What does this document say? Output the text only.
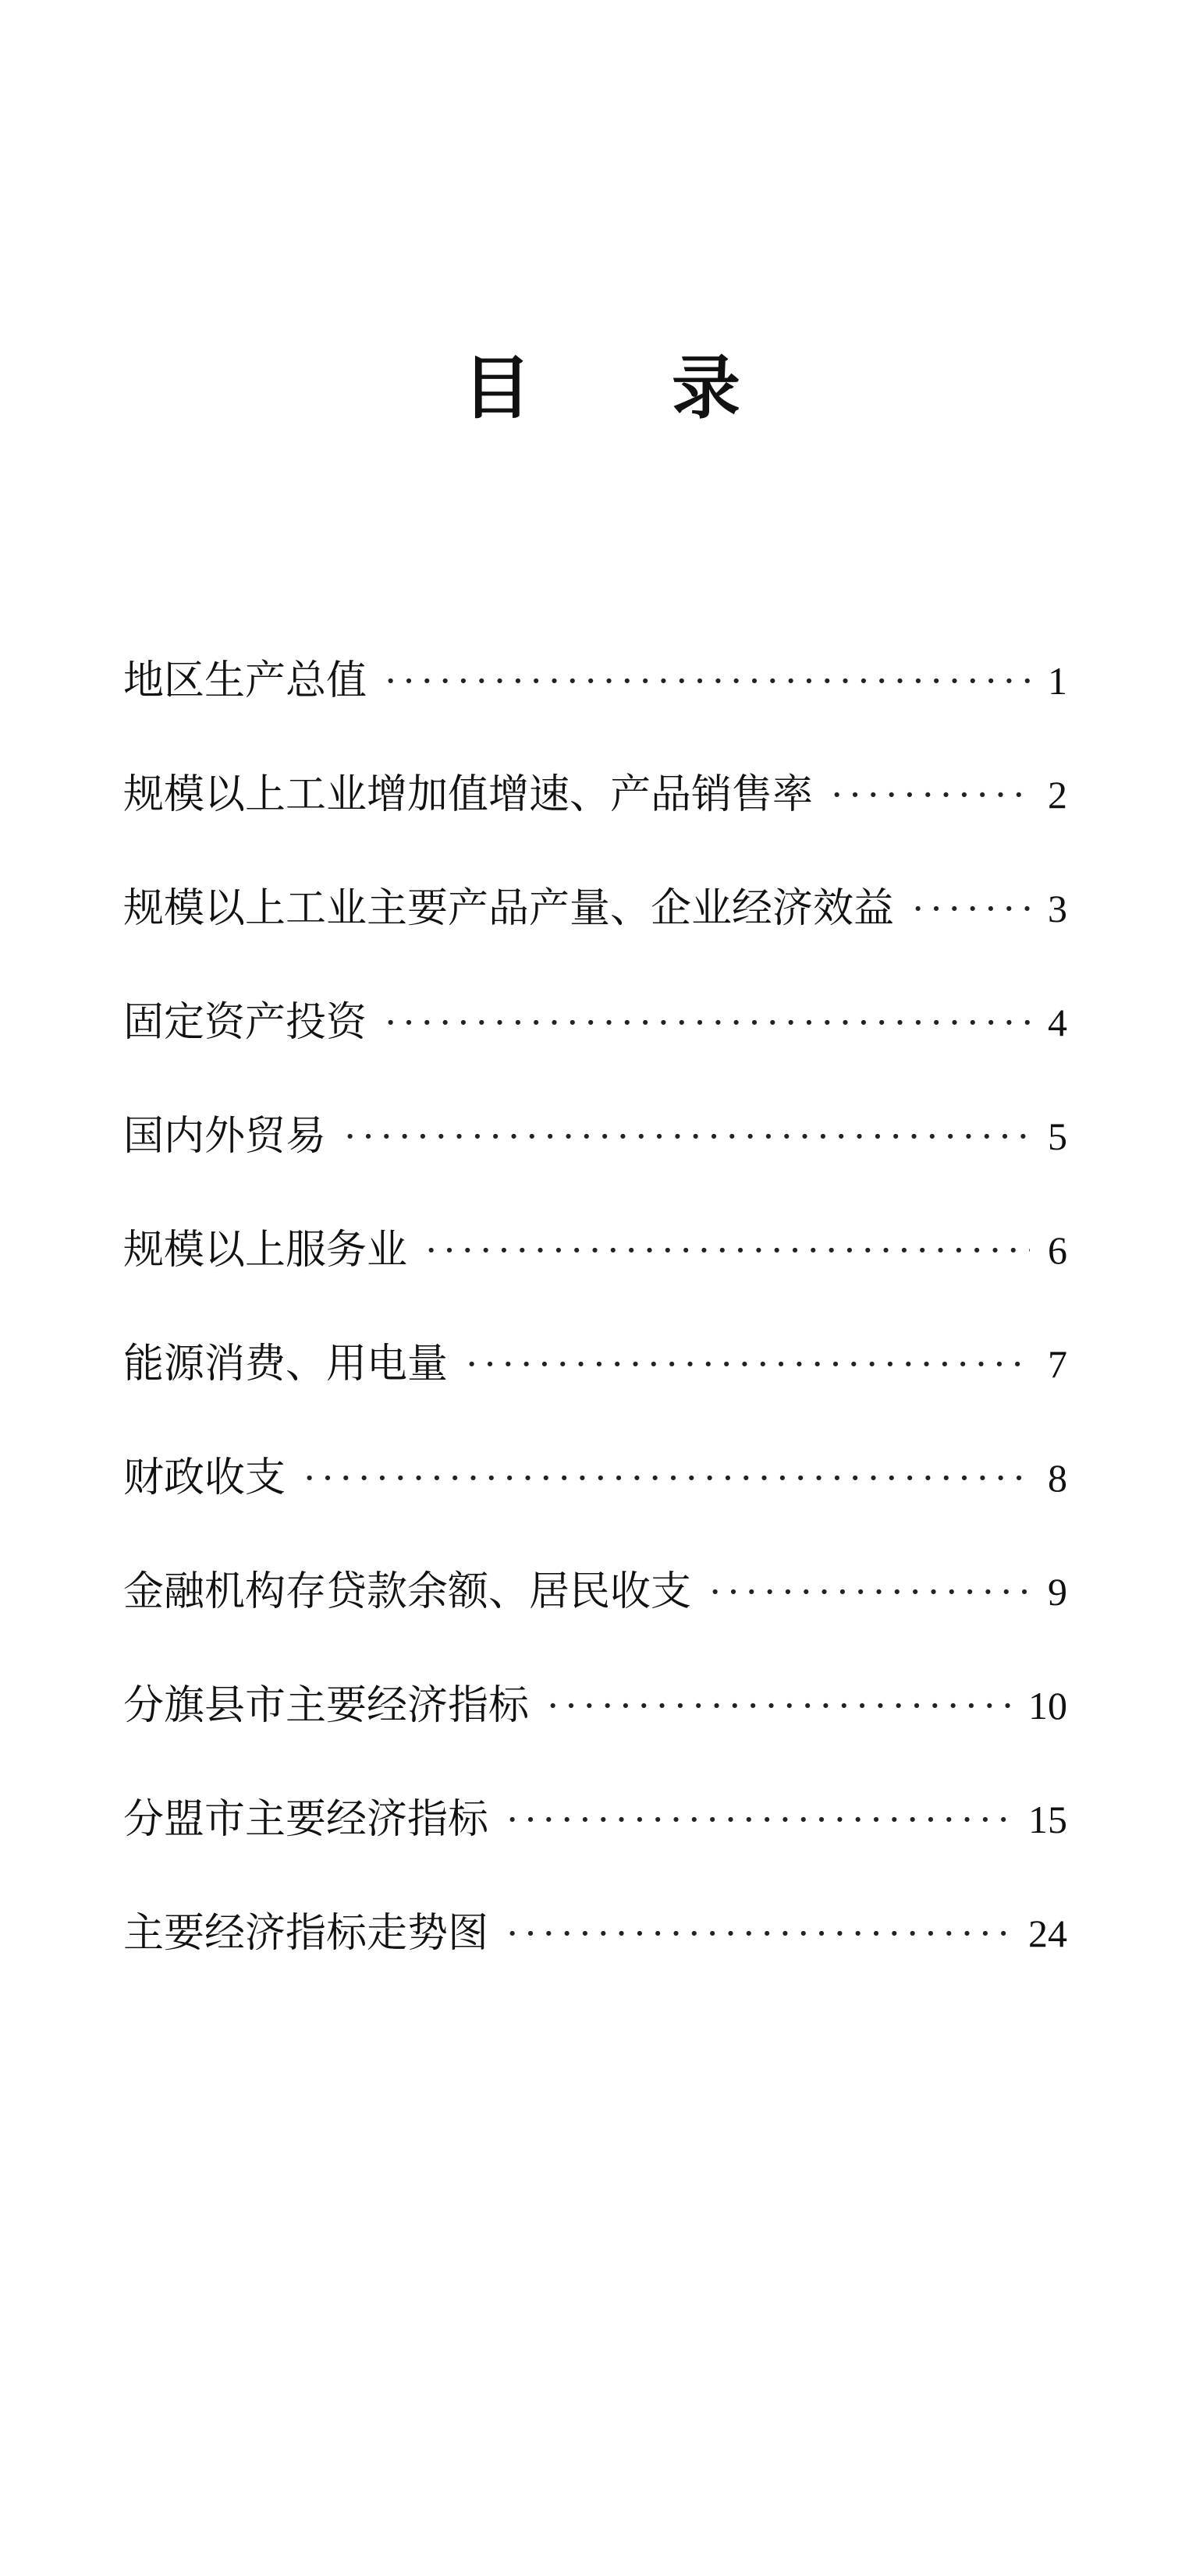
目 录
地区生产总值 ·····	1
规模以上工业增加值增速、产品销售率 ·····	2
规模以上工业主要产品产量、企业经济效益 ·····	3
固定资产投资 ·····	4
国内外贸易 ·····	5
规模以上服务业 ·····	6
能源消费、用电量 ·····	7
财政收支 ·····	8
金融机构存贷款余额、居民收支 ·····	9
分旗县市主要经济指标 ·····	10
分盟市主要经济指标 ·····	15
主要经济指标走势图 ·····	24
